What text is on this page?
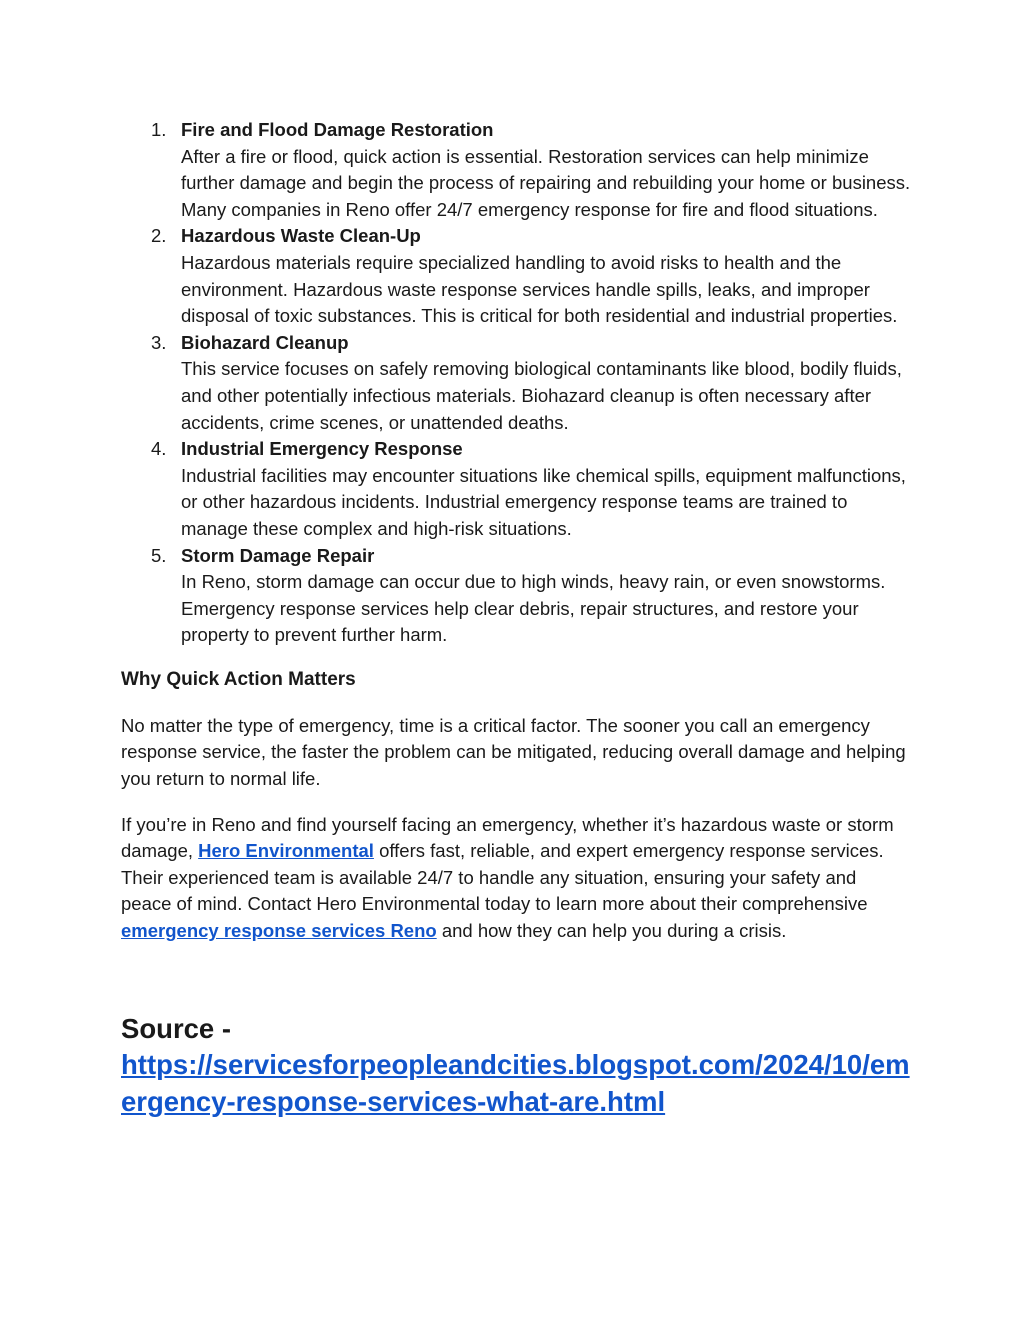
1. Fire and Flood Damage Restoration
After a fire or flood, quick action is essential. Restoration services can help minimize further damage and begin the process of repairing and rebuilding your home or business. Many companies in Reno offer 24/7 emergency response for fire and flood situations.
2. Hazardous Waste Clean-Up
Hazardous materials require specialized handling to avoid risks to health and the environment. Hazardous waste response services handle spills, leaks, and improper disposal of toxic substances. This is critical for both residential and industrial properties.
3. Biohazard Cleanup
This service focuses on safely removing biological contaminants like blood, bodily fluids, and other potentially infectious materials. Biohazard cleanup is often necessary after accidents, crime scenes, or unattended deaths.
4. Industrial Emergency Response
Industrial facilities may encounter situations like chemical spills, equipment malfunctions, or other hazardous incidents. Industrial emergency response teams are trained to manage these complex and high-risk situations.
5. Storm Damage Repair
In Reno, storm damage can occur due to high winds, heavy rain, or even snowstorms. Emergency response services help clear debris, repair structures, and restore your property to prevent further harm.
Why Quick Action Matters

No matter the type of emergency, time is a critical factor. The sooner you call an emergency response service, the faster the problem can be mitigated, reducing overall damage and helping you return to normal life.

If you’re in Reno and find yourself facing an emergency, whether it’s hazardous waste or storm damage, Hero Environmental offers fast, reliable, and expert emergency response services. Their experienced team is available 24/7 to handle any situation, ensuring your safety and peace of mind. Contact Hero Environmental today to learn more about their comprehensive emergency response services Reno and how they can help you during a crisis.

Source -
https://servicesforpeopleandcities.blogspot.com/2024/10/emergency-response-services-what-are.html
